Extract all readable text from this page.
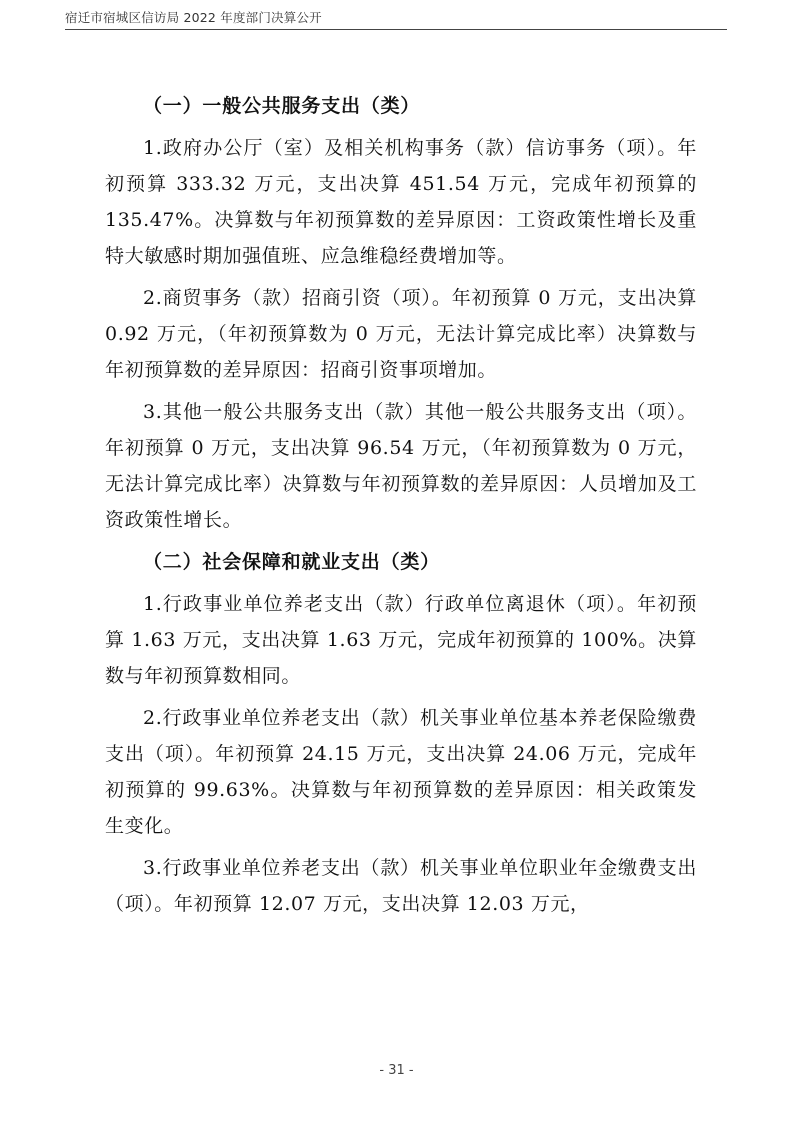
宿迁市宿城区信访局 2022 年度部门决算公开

（一）一般公共服务支出（类）

1.政府办公厅（室）及相关机构事务（款）信访事务（项）。年初预算 333.32 万元，支出决算 451.54 万元，完成年初预算的 135.47%。决算数与年初预算数的差异原因：工资政策性增长及重特大敏感时期加强值班、应急维稳经费增加等。

2.商贸事务（款）招商引资（项）。年初预算 0 万元，支出决算 0.92 万元，（年初预算数为 0 万元，无法计算完成比率）决算数与年初预算数的差异原因：招商引资事项增加。

3.其他一般公共服务支出（款）其他一般公共服务支出（项）。年初预算 0 万元，支出决算 96.54 万元，（年初预算数为 0 万元，无法计算完成比率）决算数与年初预算数的差异原因：人员增加及工资政策性增长。

（二）社会保障和就业支出（类）

1.行政事业单位养老支出（款）行政单位离退休（项）。年初预算 1.63 万元，支出决算 1.63 万元，完成年初预算的 100%。决算数与年初预算数相同。

2.行政事业单位养老支出（款）机关事业单位基本养老保险缴费支出（项）。年初预算 24.15 万元，支出决算 24.06 万元，完成年初预算的 99.63%。决算数与年初预算数的差异原因：相关政策发生变化。

3.行政事业单位养老支出（款）机关事业单位职业年金缴费支出（项）。年初预算 12.07 万元，支出决算 12.03 万元，

- 31 -
